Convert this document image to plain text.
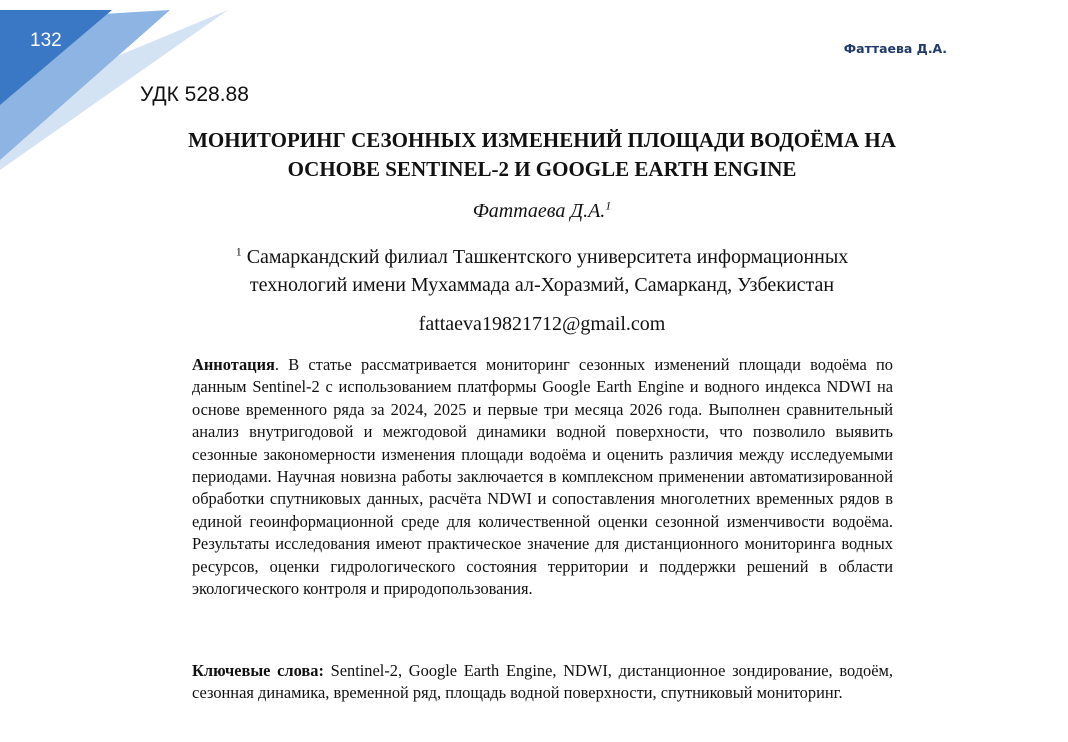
132	Фаттаева Д.А.
УДК 528.88
МОНИТОРИНГ СЕЗОННЫХ ИЗМЕНЕНИЙ ПЛОЩАДИ ВОДОЁМА НА
ОСНОВЕ SENTINEL-2 И GOOGLE EARTH ENGINE
Фаттаева Д.А.$^1$
$^1$ Самаркандский филиал Ташкентского университета информационных
технологий имени Мухаммада ал-Хоразмий, Самарканд, Узбекистан
fattaeva19821712@gmail.com

Аннотация. В статье рассматривается мониторинг сезонных изменений площади водоёма по данным Sentinel-2 с использованием платформы Google Earth Engine и водного индекса NDWI на основе временного ряда за 2024, 2025 и первые три месяца 2026 года. Выполнен сравнительный анализ внутригодовой и межгодовой динамики водной поверхности, что позволило выявить сезонные закономерности изменения площади водоёма и оценить различия между исследуемыми периодами. Научная новизна работы заключается в комплексном применении автоматизированной обработки спутниковых данных, расчёта NDWI и сопоставления многолетних временных рядов в единой геоинформационной среде для количественной оценки сезонной изменчивости водоёма. Результаты исследования имеют практическое значение для дистанционного мониторинга водных ресурсов, оценки гидрологического состояния территории и поддержки решений в области экологического контроля и природопользования.

Ключевые слова: Sentinel-2, Google Earth Engine, NDWI, дистанционное зондирование, водоём, сезонная динамика, временной ряд, площадь водной поверхности, спутниковый мониторинг.
